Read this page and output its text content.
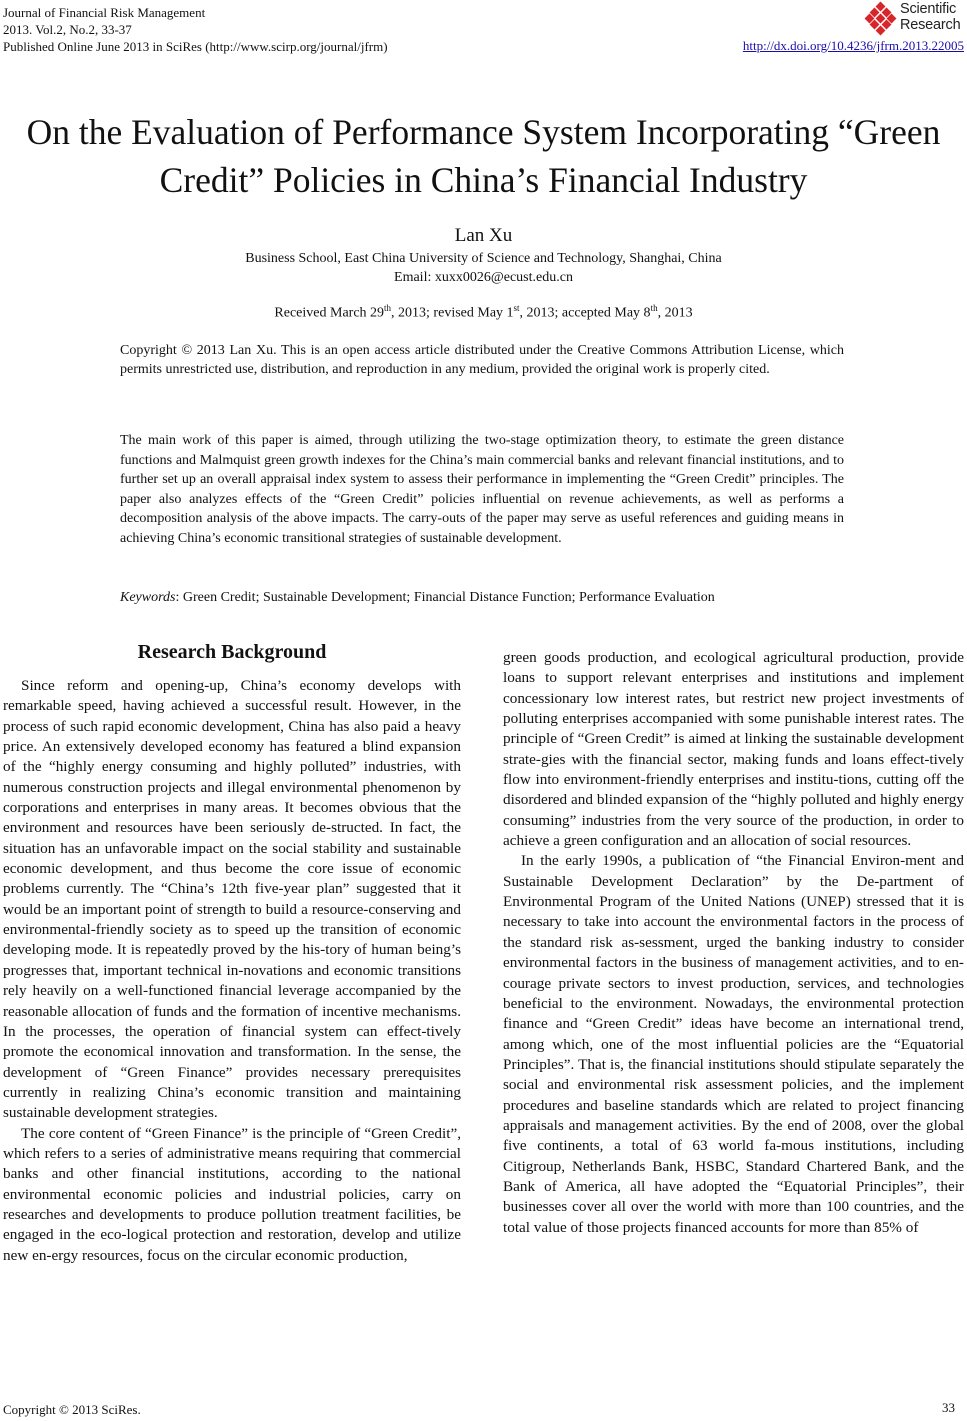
Journal of Financial Risk Management
2013. Vol.2, No.2, 33-37
Published Online June 2013 in SciRes (http://www.scirp.org/journal/jfrm)
Scientific
Research
http://dx.doi.org/10.4236/jfrm.2013.22005
On the Evaluation of Performance System Incorporating “Green Credit” Policies in China’s Financial Industry
Lan Xu
Business School, East China University of Science and Technology, Shanghai, China
Email: xuxx0026@ecust.edu.cn
Received March 29th, 2013; revised May 1st, 2013; accepted May 8th, 2013
Copyright © 2013 Lan Xu. This is an open access article distributed under the Creative Commons Attribution License, which permits unrestricted use, distribution, and reproduction in any medium, provided the original work is properly cited.
The main work of this paper is aimed, through utilizing the two-stage optimization theory, to estimate the green distance functions and Malmquist green growth indexes for the China’s main commercial banks and relevant financial institutions, and to further set up an overall appraisal index system to assess their performance in implementing the “Green Credit” principles. The paper also analyzes effects of the “Green Credit” policies influential on revenue achievements, as well as performs a decomposition analysis of the above impacts. The carry-outs of the paper may serve as useful references and guiding means in achieving China’s economic transitional strategies of sustainable development.
Keywords: Green Credit; Sustainable Development; Financial Distance Function; Performance Evaluation
Research Background

Since reform and opening-up, China’s economy develops with remarkable speed, having achieved a successful result. However, in the process of such rapid economic development, China has also paid a heavy price. An extensively developed economy has featured a blind expansion of the “highly energy consuming and highly polluted” industries, with numerous construction projects and illegal environmental phenomenon by corporations and enterprises in many areas. It becomes obvious that the environment and resources have been seriously de-structed. In fact, the situation has an unfavorable impact on the social stability and sustainable economic development, and thus become the core issue of economic problems currently. The “China’s 12th five-year plan” suggested that it would be an important point of strength to build a resource-conserving and environmental-friendly society as to speed up the transition of economic developing mode. It is repeatedly proved by the his-tory of human being’s progresses that, important technical in-novations and economic transitions rely heavily on a well-functioned financial leverage accompanied by the reasonable allocation of funds and the formation of incentive mechanisms. In the processes, the operation of financial system can effect-tively promote the economical innovation and transformation. In the sense, the development of “Green Finance” provides necessary prerequisites currently in realizing China’s economic transition and maintaining sustainable development strategies.

The core content of “Green Finance” is the principle of “Green Credit”, which refers to a series of administrative means requiring that commercial banks and other financial institutions, according to the national environmental economic policies and industrial policies, carry on researches and developments to produce pollution treatment facilities, be engaged in the eco-logical protection and restoration, develop and utilize new en-ergy resources, focus on the circular economic production,

green goods production, and ecological agricultural production, provide loans to support relevant enterprises and institutions and implement concessionary low interest rates, but restrict new project investments of polluting enterprises accompanied with some punishable interest rates. The principle of “Green Credit” is aimed at linking the sustainable development strate-gies with the financial sector, making funds and loans effect-tively flow into environment-friendly enterprises and institu-tions, cutting off the disordered and blinded expansion of the “highly polluted and highly energy consuming” industries from the very source of the production, in order to achieve a green configuration and an allocation of social resources.

In the early 1990s, a publication of “the Financial Environ-ment and Sustainable Development Declaration” by the De-partment of Environmental Program of the United Nations (UNEP) stressed that it is necessary to take into account the environmental factors in the process of the standard risk as-sessment, urged the banking industry to consider environmental factors in the business of management activities, and to en-courage private sectors to invest production, services, and technologies beneficial to the environment. Nowadays, the environmental protection finance and “Green Credit” ideas have become an international trend, among which, one of the most influential policies are the “Equatorial Principles”. That is, the financial institutions should stipulate separately the social and environmental risk assessment policies, and the implement procedures and baseline standards which are related to project financing appraisals and management activities. By the end of 2008, over the global five continents, a total of 63 world fa-mous institutions, including Citigroup, Netherlands Bank, HSBC, Standard Chartered Bank, and the Bank of America, all have adopted the “Equatorial Principles”, their businesses cover all over the world with more than 100 countries, and the total value of those projects financed accounts for more than 85% of

Copyright © 2013 SciRes.	33
